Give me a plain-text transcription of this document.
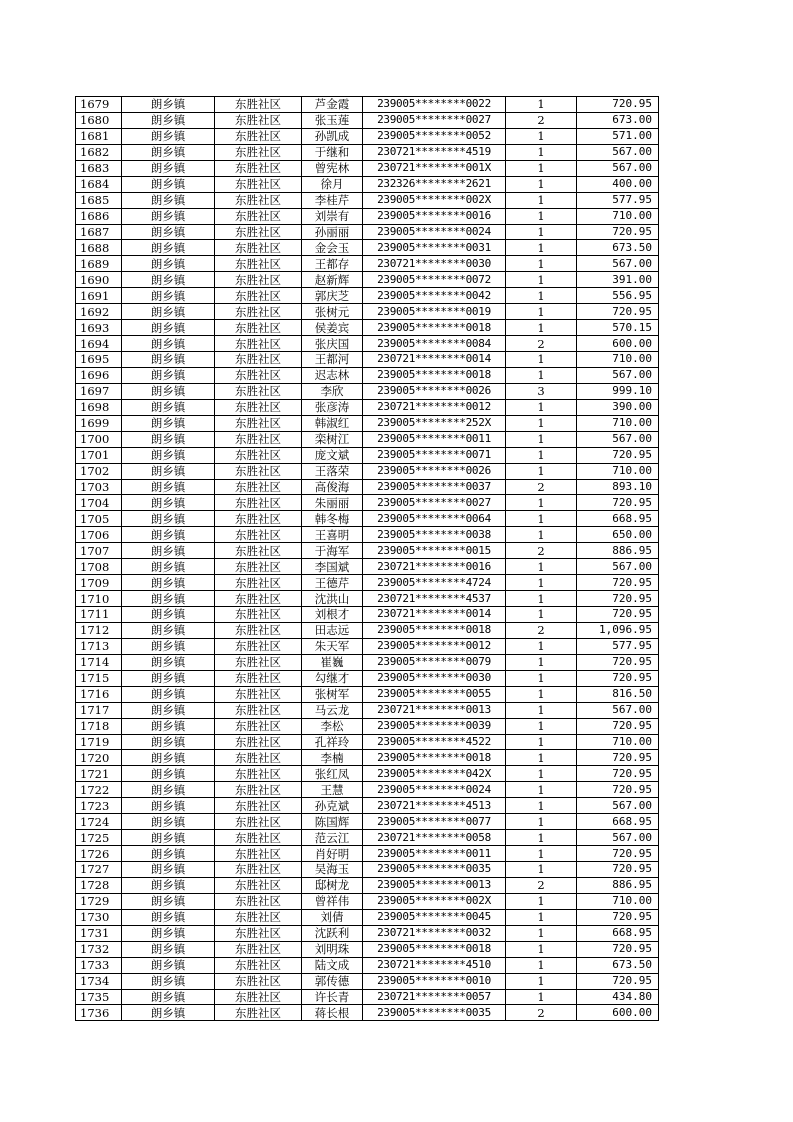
1679	朗乡镇	东胜社区	芦金霞	239005********0022	1	720.95
1680	朗乡镇	东胜社区	张玉莲	239005********0027	2	673.00
1681	朗乡镇	东胜社区	孙凯成	239005********0052	1	571.00
1682	朗乡镇	东胜社区	于继和	230721********4519	1	567.00
1683	朗乡镇	东胜社区	曾宪林	230721********001X	1	567.00
1684	朗乡镇	东胜社区	徐月	232326********2621	1	400.00
1685	朗乡镇	东胜社区	李桂芹	239005********002X	1	577.95
1686	朗乡镇	东胜社区	刘崇有	239005********0016	1	710.00
1687	朗乡镇	东胜社区	孙丽丽	239005********0024	1	720.95
1688	朗乡镇	东胜社区	金会玉	239005********0031	1	673.50
1689	朗乡镇	东胜社区	王都存	230721********0030	1	567.00
1690	朗乡镇	东胜社区	赵新辉	239005********0072	1	391.00
1691	朗乡镇	东胜社区	郭庆芝	239005********0042	1	556.95
1692	朗乡镇	东胜社区	张树元	239005********0019	1	720.95
1693	朗乡镇	东胜社区	侯姜宾	239005********0018	1	570.15
1694	朗乡镇	东胜社区	张庆国	239005********0084	2	600.00
1695	朗乡镇	东胜社区	王都河	230721********0014	1	710.00
1696	朗乡镇	东胜社区	迟志林	239005********0018	1	567.00
1697	朗乡镇	东胜社区	李欣	239005********0026	3	999.10
1698	朗乡镇	东胜社区	张彦涛	230721********0012	1	390.00
1699	朗乡镇	东胜社区	韩淑红	239005********252X	1	710.00
1700	朗乡镇	东胜社区	栾树江	239005********0011	1	567.00
1701	朗乡镇	东胜社区	庞文斌	239005********0071	1	720.95
1702	朗乡镇	东胜社区	王落荣	239005********0026	1	710.00
1703	朗乡镇	东胜社区	高俊海	239005********0037	2	893.10
1704	朗乡镇	东胜社区	朱丽丽	239005********0027	1	720.95
1705	朗乡镇	东胜社区	韩冬梅	239005********0064	1	668.95
1706	朗乡镇	东胜社区	王喜明	239005********0038	1	650.00
1707	朗乡镇	东胜社区	于海军	239005********0015	2	886.95
1708	朗乡镇	东胜社区	李国斌	230721********0016	1	567.00
1709	朗乡镇	东胜社区	王德芹	239005********4724	1	720.95
1710	朗乡镇	东胜社区	沈洪山	230721********4537	1	720.95
1711	朗乡镇	东胜社区	刘根才	230721********0014	1	720.95
1712	朗乡镇	东胜社区	田志远	239005********0018	2	1,096.95
1713	朗乡镇	东胜社区	朱天军	239005********0012	1	577.95
1714	朗乡镇	东胜社区	崔巍	239005********0079	1	720.95
1715	朗乡镇	东胜社区	勾继才	239005********0030	1	720.95
1716	朗乡镇	东胜社区	张树军	239005********0055	1	816.50
1717	朗乡镇	东胜社区	马云龙	230721********0013	1	567.00
1718	朗乡镇	东胜社区	李松	239005********0039	1	720.95
1719	朗乡镇	东胜社区	孔祥玲	239005********4522	1	710.00
1720	朗乡镇	东胜社区	李楠	239005********0018	1	720.95
1721	朗乡镇	东胜社区	张红凤	239005********042X	1	720.95
1722	朗乡镇	东胜社区	王慧	239005********0024	1	720.95
1723	朗乡镇	东胜社区	孙克斌	230721********4513	1	567.00
1724	朗乡镇	东胜社区	陈国辉	239005********0077	1	668.95
1725	朗乡镇	东胜社区	范云江	230721********0058	1	567.00
1726	朗乡镇	东胜社区	肖好明	239005********0011	1	720.95
1727	朗乡镇	东胜社区	吴海玉	239005********0035	1	720.95
1728	朗乡镇	东胜社区	邸树龙	239005********0013	2	886.95
1729	朗乡镇	东胜社区	曾祥伟	239005********002X	1	710.00
1730	朗乡镇	东胜社区	刘倩	239005********0045	1	720.95
1731	朗乡镇	东胜社区	沈跃利	230721********0032	1	668.95
1732	朗乡镇	东胜社区	刘明珠	239005********0018	1	720.95
1733	朗乡镇	东胜社区	陆文成	230721********4510	1	673.50
1734	朗乡镇	东胜社区	郭传德	239005********0010	1	720.95
1735	朗乡镇	东胜社区	许长青	230721********0057	1	434.80
1736	朗乡镇	东胜社区	蒋长根	239005********0035	2	600.00
